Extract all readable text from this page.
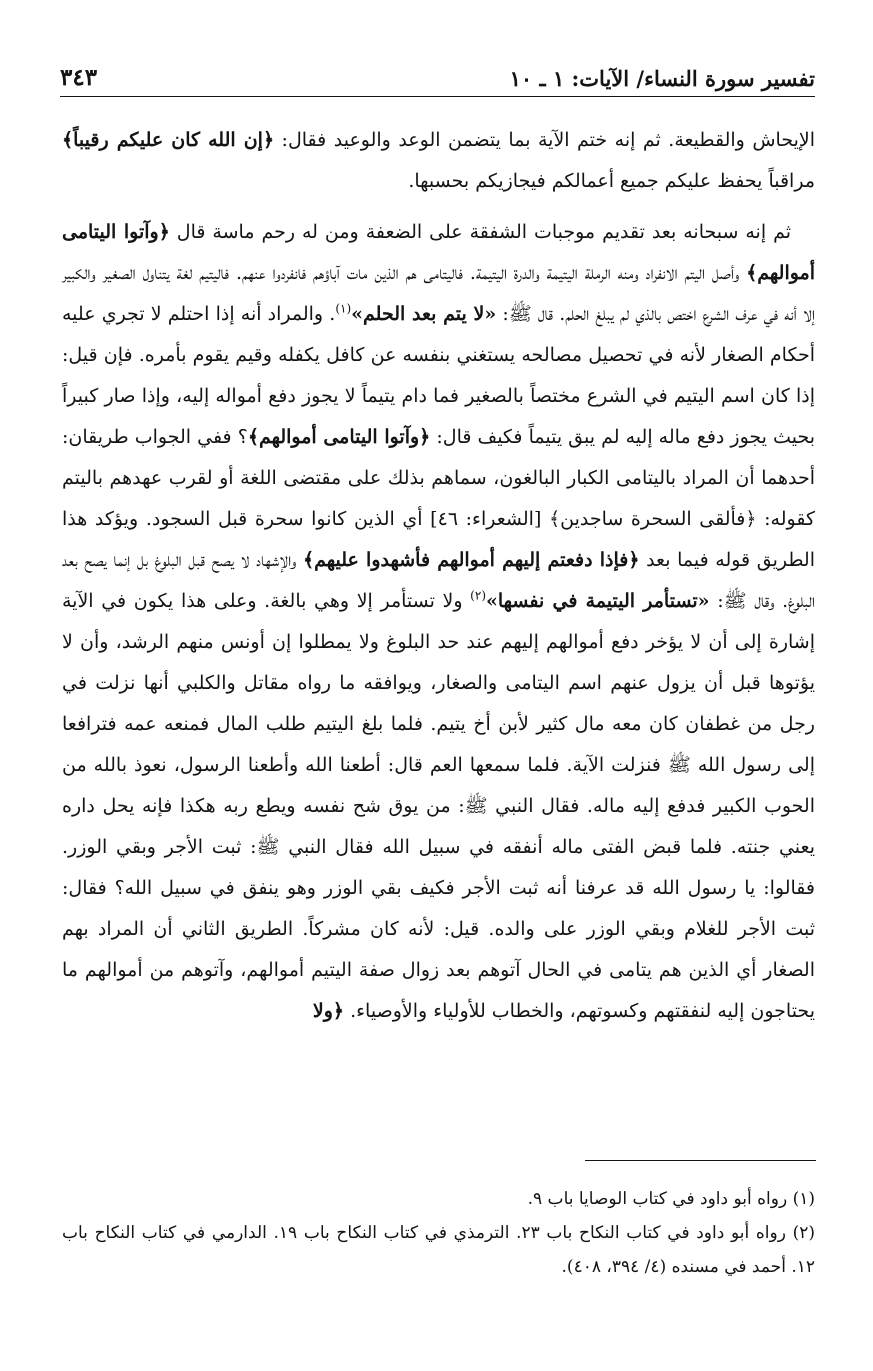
تفسير سورة النساء/ الآيات: ١ ـ ١٠
٣٤٣

الإيحاش والقطيعة. ثم إنه ختم الآية بما يتضمن الوعد والوعيد فقال: ﴿إن الله كان عليكم رقيباً﴾ مراقباً يحفظ عليكم جميع أعمالكم فيجازيكم بحسبها.

ثم إنه سبحانه بعد تقديم موجبات الشفقة على الضعفة ومن له رحم ماسة قال ﴿وآتوا اليتامى أموالهم﴾ وأصل اليتم الانفراد ومنه الرملة اليتيمة والدرة اليتيمة. فاليتامى هم الذين مات آباؤهم فانفردوا عنهم. فاليتيم لغة يتناول الصغير والكبير إلا أنه في عرف الشرع اختص بالذي لم يبلغ الحلم. قال ﷺ: «لا يتم بعد الحلم»$^{(١)}$. والمراد أنه إذا احتلم لا تجري عليه أحكام الصغار لأنه في تحصيل مصالحه يستغني بنفسه عن كافل يكفله وقيم يقوم بأمره. فإن قيل: إذا كان اسم اليتيم في الشرع مختصاً بالصغير فما دام يتيماً لا يجوز دفع أمواله إليه، وإذا صار كبيراً بحيث يجوز دفع ماله إليه لم يبق يتيماً فكيف قال: ﴿وآتوا اليتامى أموالهم﴾؟ ففي الجواب طريقان: أحدهما أن المراد باليتامى الكبار البالغون، سماهم بذلك على مقتضى اللغة أو لقرب عهدهم باليتم كقوله: ﴿فألقى السحرة ساجدين﴾ [الشعراء: ٤٦] أي الذين كانوا سحرة قبل السجود. ويؤكد هذا الطريق قوله فيما بعد ﴿فإذا دفعتم إليهم أموالهم فأشهدوا عليهم﴾ والإشهاد لا يصح قبل البلوغ بل إنما يصح بعد البلوغ. وقال ﷺ: «تستأمر اليتيمة في نفسها»$^{(٢)}$ ولا تستأمر إلا وهي بالغة. وعلى هذا يكون في الآية إشارة إلى أن لا يؤخر دفع أموالهم إليهم عند حد البلوغ ولا يمطلوا إن أونس منهم الرشد، وأن لا يؤتوها قبل أن يزول عنهم اسم اليتامى والصغار، ويوافقه ما رواه مقاتل والكلبي أنها نزلت في رجل من غطفان كان معه مال كثير لأبن أخ يتيم. فلما بلغ اليتيم طلب المال فمنعه عمه فترافعا إلى رسول الله ﷺ فنزلت الآية. فلما سمعها العم قال: أطعنا الله وأطعنا الرسول، نعوذ بالله من الحوب الكبير فدفع إليه ماله. فقال النبي ﷺ: من يوق شح نفسه ويطع ربه هكذا فإنه يحل داره يعني جنته. فلما قبض الفتى ماله أنفقه في سبيل الله فقال النبي ﷺ: ثبت الأجر وبقي الوزر. فقالوا: يا رسول الله قد عرفنا أنه ثبت الأجر فكيف بقي الوزر وهو ينفق في سبيل الله؟ فقال: ثبت الأجر للغلام وبقي الوزر على والده. قيل: لأنه كان مشركاً. الطريق الثاني أن المراد بهم الصغار أي الذين هم يتامى في الحال آتوهم بعد زوال صفة اليتيم أموالهم، وآتوهم من أموالهم ما يحتاجون إليه لنفقتهم وكسوتهم، والخطاب للأولياء والأوصياء. ﴿ولا

(١) رواه أبو داود في كتاب الوصايا باب ٩.

(٢) رواه أبو داود في كتاب النكاح باب ٢٣. الترمذي في كتاب النكاح باب ١٩. الدارمي في كتاب النكاح باب ١٢. أحمد في مسنده (٤/ ٣٩٤، ٤٠٨).
